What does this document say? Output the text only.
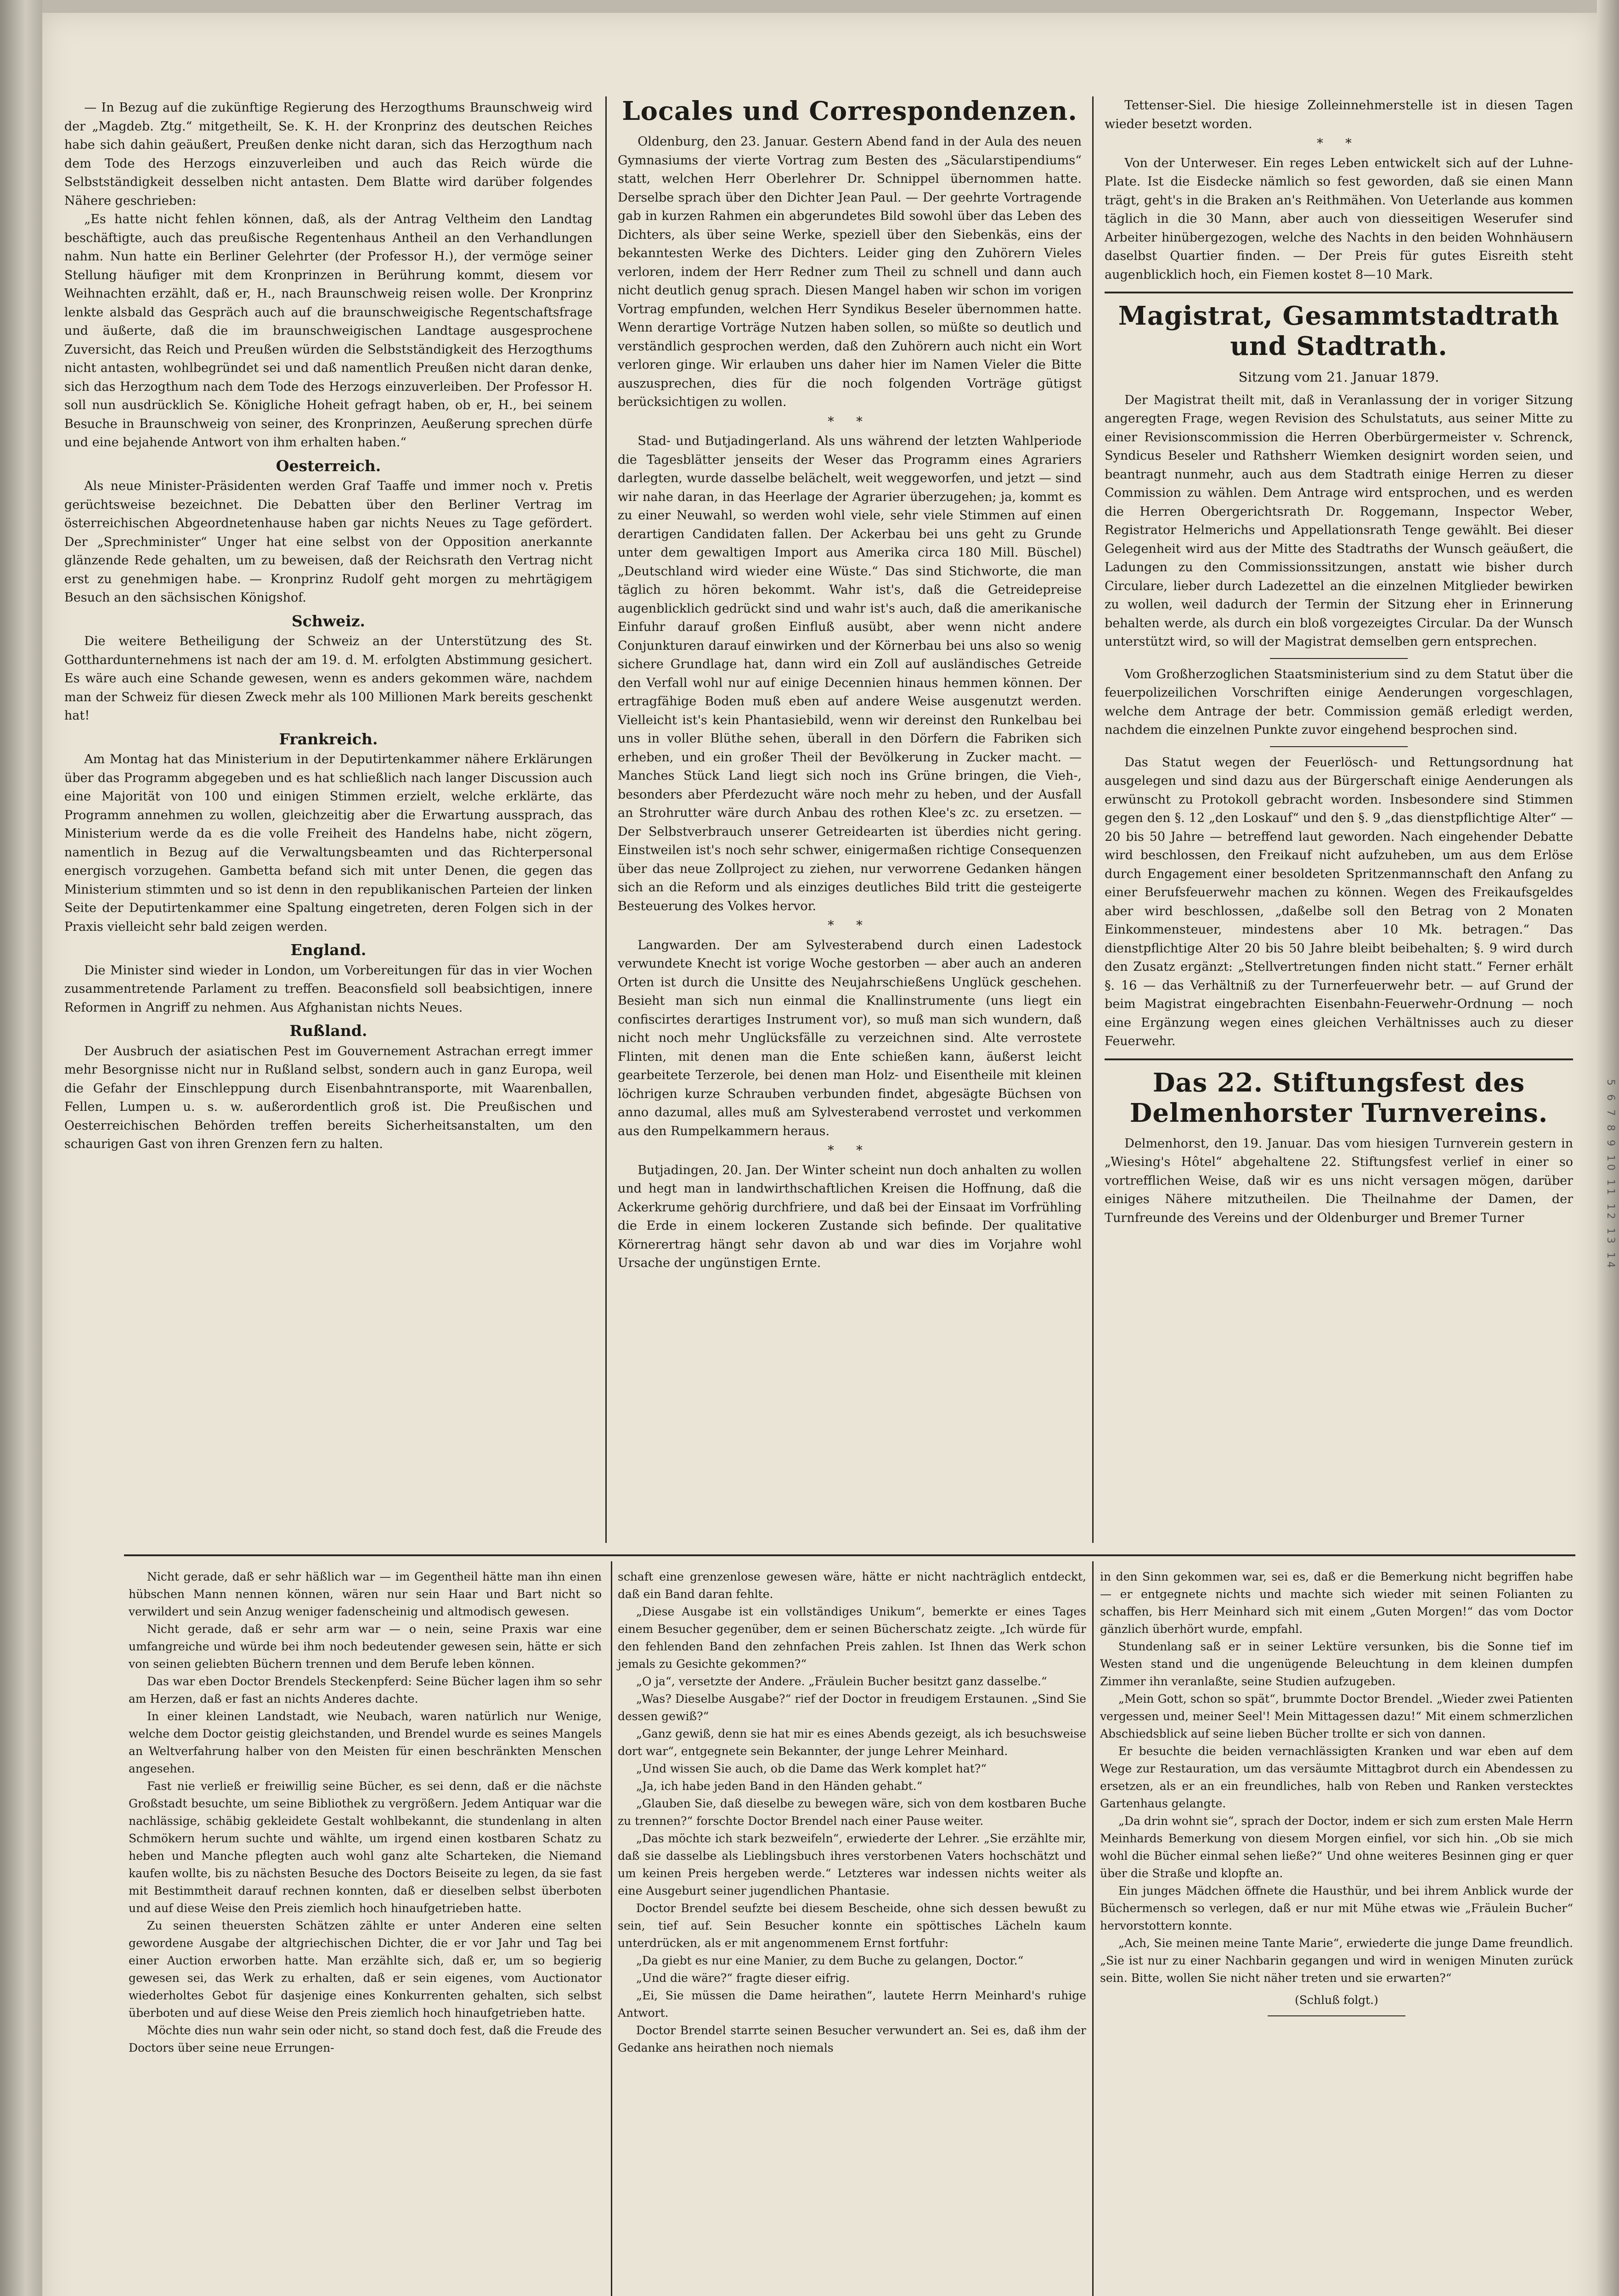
— In Bezug auf die zukünftige Regierung des Herzogthums Braunschweig wird der „Magdeb. Ztg.“ mitgetheilt, Se. K. H. der Kronprinz des deutschen Reiches habe sich dahin geäußert, Preußen denke nicht daran, sich das Herzogthum nach dem Tode des Herzogs einzuverleiben und auch das Reich würde die Selbstständigkeit desselben nicht antasten. Dem Blatte wird darüber folgendes Nähere geschrieben:

„Es hatte nicht fehlen können, daß, als der Antrag Veltheim den Landtag beschäftigte, auch das preußische Regentenhaus Antheil an den Verhandlungen nahm. Nun hatte ein Berliner Gelehrter (der Professor H.), der vermöge seiner Stellung häufiger mit dem Kronprinzen in Berührung kommt, diesem vor Weihnachten erzählt, daß er, H., nach Braunschweig reisen wolle. Der Kronprinz lenkte alsbald das Gespräch auch auf die braunschweigische Regentschaftsfrage und äußerte, daß die im braunschweigischen Landtage ausgesprochene Zuversicht, das Reich und Preußen würden die Selbstständigkeit des Herzogthums nicht antasten, wohlbegründet sei und daß namentlich Preußen nicht daran denke, sich das Herzogthum nach dem Tode des Herzogs einzuverleiben. Der Professor H. soll nun ausdrücklich Se. Königliche Hoheit gefragt haben, ob er, H., bei seinem Besuche in Braunschweig von seiner, des Kronprinzen, Aeußerung sprechen dürfe und eine bejahende Antwort von ihm erhalten haben.“

Oesterreich.

Als neue Minister-Präsidenten werden Graf Taaffe und immer noch v. Pretis gerüchtsweise bezeichnet. Die Debatten über den Berliner Vertrag im österreichischen Abgeordnetenhause haben gar nichts Neues zu Tage gefördert. Der „Sprechminister“ Unger hat eine selbst von der Opposition anerkannte glänzende Rede gehalten, um zu beweisen, daß der Reichsrath den Vertrag nicht erst zu genehmigen habe. — Kronprinz Rudolf geht morgen zu mehrtägigem Besuch an den sächsischen Königshof.

Schweiz.

Die weitere Betheiligung der Schweiz an der Unterstützung des St. Gotthardunternehmens ist nach der am 19. d. M. erfolgten Abstimmung gesichert. Es wäre auch eine Schande gewesen, wenn es anders gekommen wäre, nachdem man der Schweiz für diesen Zweck mehr als 100 Millionen Mark bereits geschenkt hat!

Frankreich.

Am Montag hat das Ministerium in der Deputirtenkammer nähere Erklärungen über das Programm abgegeben und es hat schließlich nach langer Discussion auch eine Majorität von 100 und einigen Stimmen erzielt, welche erklärte, das Programm annehmen zu wollen, gleichzeitig aber die Erwartung aussprach, das Ministerium werde da es die volle Freiheit des Handelns habe, nicht zögern, namentlich in Bezug auf die Verwaltungsbeamten und das Richterpersonal energisch vorzugehen. Gambetta befand sich mit unter Denen, die gegen das Ministerium stimmten und so ist denn in den republikanischen Parteien der linken Seite der Deputirtenkammer eine Spaltung eingetreten, deren Folgen sich in der Praxis vielleicht sehr bald zeigen werden.

England.

Die Minister sind wieder in London, um Vorbereitungen für das in vier Wochen zusammentretende Parlament zu treffen. Beaconsfield soll beabsichtigen, innere Reformen in Angriff zu nehmen. Aus Afghanistan nichts Neues.

Rußland.

Der Ausbruch der asiatischen Pest im Gouvernement Astrachan erregt immer mehr Besorgnisse nicht nur in Rußland selbst, sondern auch in ganz Europa, weil die Gefahr der Einschleppung durch Eisenbahntransporte, mit Waarenballen, Fellen, Lumpen u. s. w. außerordentlich groß ist. Die Preußischen und Oesterreichischen Behörden treffen bereits Sicherheitsanstalten, um den schaurigen Gast von ihren Grenzen fern zu halten.

Locales und Correspondenzen.

Oldenburg, den 23. Januar. Gestern Abend fand in der Aula des neuen Gymnasiums der vierte Vortrag zum Besten des „Säcularstipendiums“ statt, welchen Herr Oberlehrer Dr. Schnippel übernommen hatte. Derselbe sprach über den Dichter Jean Paul. — Der geehrte Vortragende gab in kurzen Rahmen ein abgerundetes Bild sowohl über das Leben des Dichters, als über seine Werke, speziell über den Siebenkäs, eins der bekanntesten Werke des Dichters. Leider ging den Zuhörern Vieles verloren, indem der Herr Redner zum Theil zu schnell und dann auch nicht deutlich genug sprach. Diesen Mangel haben wir schon im vorigen Vortrag empfunden, welchen Herr Syndikus Beseler übernommen hatte. Wenn derartige Vorträge Nutzen haben sollen, so müßte so deutlich und verständlich gesprochen werden, daß den Zuhörern auch nicht ein Wort verloren ginge. Wir erlauben uns daher hier im Namen Vieler die Bitte auszusprechen, dies für die noch folgenden Vorträge gütigst berücksichtigen zu wollen.

* *

Stad- und Butjadingerland. Als uns während der letzten Wahlperiode die Tagesblätter jenseits der Weser das Programm eines Agrariers darlegten, wurde dasselbe belächelt, weit weggeworfen, und jetzt — sind wir nahe daran, in das Heerlage der Agrarier überzugehen; ja, kommt es zu einer Neuwahl, so werden wohl viele, sehr viele Stimmen auf einen derartigen Candidaten fallen. Der Ackerbau bei uns geht zu Grunde unter dem gewaltigen Import aus Amerika circa 180 Mill. Büschel) „Deutschland wird wieder eine Wüste.“ Das sind Stichworte, die man täglich zu hören bekommt. Wahr ist's, daß die Getreidepreise augenblicklich gedrückt sind und wahr ist's auch, daß die amerikanische Einfuhr darauf großen Einfluß ausübt, aber wenn nicht andere Conjunkturen darauf einwirken und der Körnerbau bei uns also so wenig sichere Grundlage hat, dann wird ein Zoll auf ausländisches Getreide den Verfall wohl nur auf einige Decennien hinaus hemmen können. Der ertragfähige Boden muß eben auf andere Weise ausgenutzt werden. Vielleicht ist's kein Phantasiebild, wenn wir dereinst den Runkelbau bei uns in voller Blüthe sehen, überall in den Dörfern die Fabriken sich erheben, und ein großer Theil der Bevölkerung in Zucker macht. — Manches Stück Land liegt sich noch ins Grüne bringen, die Vieh-, besonders aber Pferdezucht wäre noch mehr zu heben, und der Ausfall an Strohrutter wäre durch Anbau des rothen Klee's zc. zu ersetzen. — Der Selbstverbrauch unserer Getreidearten ist überdies nicht gering. Einstweilen ist's noch sehr schwer, einigermaßen richtige Consequenzen über das neue Zollproject zu ziehen, nur verworrene Gedanken hängen sich an die Reform und als einziges deutliches Bild tritt die gesteigerte Besteuerung des Volkes hervor.

* *

Langwarden. Der am Sylvesterabend durch einen Ladestock verwundete Knecht ist vorige Woche gestorben — aber auch an anderen Orten ist durch die Unsitte des Neujahrschießens Unglück geschehen. Besieht man sich nun einmal die Knallinstrumente (uns liegt ein confiscirtes derartiges Instrument vor), so muß man sich wundern, daß nicht noch mehr Unglücksfälle zu verzeichnen sind. Alte verrostete Flinten, mit denen man die Ente schießen kann, äußerst leicht gearbeitete Terzerole, bei denen man Holz- und Eisentheile mit kleinen löchrigen kurze Schrauben verbunden findet, abgesägte Büchsen von anno dazumal, alles muß am Sylvesterabend verrostet und verkommen aus den Rumpelkammern heraus.

* *

Butjadingen, 20. Jan. Der Winter scheint nun doch anhalten zu wollen und hegt man in landwirthschaftlichen Kreisen die Hoffnung, daß die Ackerkrume gehörig durchfriere, und daß bei der Einsaat im Vorfrühling die Erde in einem lockeren Zustande sich befinde. Der qualitative Körnerertrag hängt sehr davon ab und war dies im Vorjahre wohl Ursache der ungünstigen Ernte.

Tettenser-Siel. Die hiesige Zolleinnehmerstelle ist in diesen Tagen wieder besetzt worden.

* *

Von der Unterweser. Ein reges Leben entwickelt sich auf der Luhne-Plate. Ist die Eisdecke nämlich so fest geworden, daß sie einen Mann trägt, geht's in die Braken an's Reithmähen. Von Ueterlande aus kommen täglich in die 30 Mann, aber auch von diesseitigen Weserufer sind Arbeiter hinübergezogen, welche des Nachts in den beiden Wohnhäusern daselbst Quartier finden. — Der Preis für gutes Eisreith steht augenblicklich hoch, ein Fiemen kostet 8—10 Mark.

Magistrat, Gesammtstadtrath und Stadtrath.
Sitzung vom 21. Januar 1879.

Der Magistrat theilt mit, daß in Veranlassung der in voriger Sitzung angeregten Frage, wegen Revision des Schulstatuts, aus seiner Mitte zu einer Revisionscommission die Herren Oberbürgermeister v. Schrenck, Syndicus Beseler und Rathsherr Wiemken designirt worden seien, und beantragt nunmehr, auch aus dem Stadtrath einige Herren zu dieser Commission zu wählen. Dem Antrage wird entsprochen, und es werden die Herren Obergerichtsrath Dr. Roggemann, Inspector Weber, Registrator Helmerichs und Appellationsrath Tenge gewählt. Bei dieser Gelegenheit wird aus der Mitte des Stadtraths der Wunsch geäußert, die Ladungen zu den Commissionssitzungen, anstatt wie bisher durch Circulare, lieber durch Ladezettel an die einzelnen Mitglieder bewirken zu wollen, weil dadurch der Termin der Sitzung eher in Erinnerung behalten werde, als durch ein bloß vorgezeigtes Circular. Da der Wunsch unterstützt wird, so will der Magistrat demselben gern entsprechen.

Vom Großherzoglichen Staatsministerium sind zu dem Statut über die feuerpolizeilichen Vorschriften einige Aenderungen vorgeschlagen, welche dem Antrage der betr. Commission gemäß erledigt werden, nachdem die einzelnen Punkte zuvor eingehend besprochen sind.

Das Statut wegen der Feuerlösch- und Rettungsordnung hat ausgelegen und sind dazu aus der Bürgerschaft einige Aenderungen als erwünscht zu Protokoll gebracht worden. Insbesondere sind Stimmen gegen den §. 12 „den Loskauf“ und den §. 9 „das dienstpflichtige Alter“ — 20 bis 50 Jahre — betreffend laut geworden. Nach eingehender Debatte wird beschlossen, den Freikauf nicht aufzuheben, um aus dem Erlöse durch Engagement einer besoldeten Spritzenmannschaft den Anfang zu einer Berufsfeuerwehr machen zu können. Wegen des Freikaufsgeldes aber wird beschlossen, „daßelbe soll den Betrag von 2 Monaten Einkommensteuer, mindestens aber 10 Mk. betragen.“ Das dienstpflichtige Alter 20 bis 50 Jahre bleibt beibehalten; §. 9 wird durch den Zusatz ergänzt: „Stellvertretungen finden nicht statt.“ Ferner erhält §. 16 — das Verhältniß zu der Turnerfeuerwehr betr. — auf Grund der beim Magistrat eingebrachten Eisenbahn-Feuerwehr-Ordnung — noch eine Ergänzung wegen eines gleichen Verhältnisses auch zu dieser Feuerwehr.

Das 22. Stiftungsfest des Delmenhorster Turnvereins.

Delmenhorst, den 19. Januar. Das vom hiesigen Turnverein gestern in „Wiesing's Hôtel“ abgehaltene 22. Stiftungsfest verlief in einer so vortrefflichen Weise, daß wir es uns nicht versagen mögen, darüber einiges Nähere mitzutheilen. Die Theilnahme der Damen, der Turnfreunde des Vereins und der Oldenburger und Bremer Turner

Nicht gerade, daß er sehr häßlich war — im Gegentheil hätte man ihn einen hübschen Mann nennen können, wären nur sein Haar und Bart nicht so verwildert und sein Anzug weniger fadenscheinig und altmodisch gewesen.

Nicht gerade, daß er sehr arm war — o nein, seine Praxis war eine umfangreiche und würde bei ihm noch bedeutender gewesen sein, hätte er sich von seinen geliebten Büchern trennen und dem Berufe leben können.

Das war eben Doctor Brendels Steckenpferd: Seine Bücher lagen ihm so sehr am Herzen, daß er fast an nichts Anderes dachte.

In einer kleinen Landstadt, wie Neubach, waren natürlich nur Wenige, welche dem Doctor geistig gleichstanden, und Brendel wurde es seines Mangels an Weltverfahrung halber von den Meisten für einen beschränkten Menschen angesehen.

Fast nie verließ er freiwillig seine Bücher, es sei denn, daß er die nächste Großstadt besuchte, um seine Bibliothek zu vergrößern. Jedem Antiquar war die nachlässige, schäbig gekleidete Gestalt wohlbekannt, die stundenlang in alten Schmökern herum suchte und wählte, um irgend einen kostbaren Schatz zu heben und Manche pflegten auch wohl ganz alte Scharteken, die Niemand kaufen wollte, bis zu nächsten Besuche des Doctors Beiseite zu legen, da sie fast mit Bestimmtheit darauf rechnen konnten, daß er dieselben selbst überboten und auf diese Weise den Preis ziemlich hoch hinaufgetrieben hatte.

Zu seinen theuersten Schätzen zählte er unter Anderen eine selten gewordene Ausgabe der altgriechischen Dichter, die er vor Jahr und Tag bei einer Auction erworben hatte. Man erzählte sich, daß er, um so begierig gewesen sei, das Werk zu erhalten, daß er sein eigenes, vom Auctionator wiederholtes Gebot für dasjenige eines Konkurrenten gehalten, sich selbst überboten und auf diese Weise den Preis ziemlich hoch hinaufgetrieben hatte.

Möchte dies nun wahr sein oder nicht, so stand doch fest, daß die Freude des Doctors über seine neue Errungen-

schaft eine grenzenlose gewesen wäre, hätte er nicht nachträglich entdeckt, daß ein Band daran fehlte.

„Diese Ausgabe ist ein vollständiges Unikum“, bemerkte er eines Tages einem Besucher gegenüber, dem er seinen Bücherschatz zeigte. „Ich würde für den fehlenden Band den zehnfachen Preis zahlen. Ist Ihnen das Werk schon jemals zu Gesichte gekommen?“

„O ja“, versetzte der Andere. „Fräulein Bucher besitzt ganz dasselbe.“

„Was? Dieselbe Ausgabe?“ rief der Doctor in freudigem Erstaunen. „Sind Sie dessen gewiß?“

„Ganz gewiß, denn sie hat mir es eines Abends gezeigt, als ich besuchsweise dort war“, entgegnete sein Bekannter, der junge Lehrer Meinhard.

„Und wissen Sie auch, ob die Dame das Werk komplet hat?“

„Ja, ich habe jeden Band in den Händen gehabt.“

„Glauben Sie, daß dieselbe zu bewegen wäre, sich von dem kostbaren Buche zu trennen?“ forschte Doctor Brendel nach einer Pause weiter.

„Das möchte ich stark bezweifeln“, erwiederte der Lehrer. „Sie erzählte mir, daß sie dasselbe als Lieblingsbuch ihres verstorbenen Vaters hochschätzt und um keinen Preis hergeben werde.“ Letzteres war indessen nichts weiter als eine Ausgeburt seiner jugendlichen Phantasie.

Doctor Brendel seufzte bei diesem Bescheide, ohne sich dessen bewußt zu sein, tief auf. Sein Besucher konnte ein spöttisches Lächeln kaum unterdrücken, als er mit angenommenem Ernst fortfuhr:

„Da giebt es nur eine Manier, zu dem Buche zu gelangen, Doctor.“

„Und die wäre?“ fragte dieser eifrig.

„Ei, Sie müssen die Dame heirathen“, lautete Herrn Meinhard's ruhige Antwort.

Doctor Brendel starrte seinen Besucher verwundert an. Sei es, daß ihm der Gedanke ans heirathen noch niemals

in den Sinn gekommen war, sei es, daß er die Bemerkung nicht begriffen habe — er entgegnete nichts und machte sich wieder mit seinen Folianten zu schaffen, bis Herr Meinhard sich mit einem „Guten Morgen!“ das vom Doctor gänzlich überhört wurde, empfahl.

Stundenlang saß er in seiner Lektüre versunken, bis die Sonne tief im Westen stand und die ungenügende Beleuchtung in dem kleinen dumpfen Zimmer ihn veranlaßte, seine Studien aufzugeben.

„Mein Gott, schon so spät“, brummte Doctor Brendel. „Wieder zwei Patienten vergessen und, meiner Seel'! Mein Mittagessen dazu!“ Mit einem schmerzlichen Abschiedsblick auf seine lieben Bücher trollte er sich von dannen.

Er besuchte die beiden vernachlässigten Kranken und war eben auf dem Wege zur Restauration, um das versäumte Mittagbrot durch ein Abendessen zu ersetzen, als er an ein freundliches, halb von Reben und Ranken verstecktes Gartenhaus gelangte.

„Da drin wohnt sie“, sprach der Doctor, indem er sich zum ersten Male Herrn Meinhards Bemerkung von diesem Morgen einfiel, vor sich hin. „Ob sie mich wohl die Bücher einmal sehen ließe?“ Und ohne weiteres Besinnen ging er quer über die Straße und klopfte an.

Ein junges Mädchen öffnete die Hausthür, und bei ihrem Anblick wurde der Büchermensch so verlegen, daß er nur mit Mühe etwas wie „Fräulein Bucher“ hervorstottern konnte.

„Ach, Sie meinen meine Tante Marie“, erwiederte die junge Dame freundlich. „Sie ist nur zu einer Nachbarin gegangen und wird in wenigen Minuten zurück sein. Bitte, wollen Sie nicht näher treten und sie erwarten?“

(Schluß folgt.)
5 6 7 8 9 10 11 12 13 14
